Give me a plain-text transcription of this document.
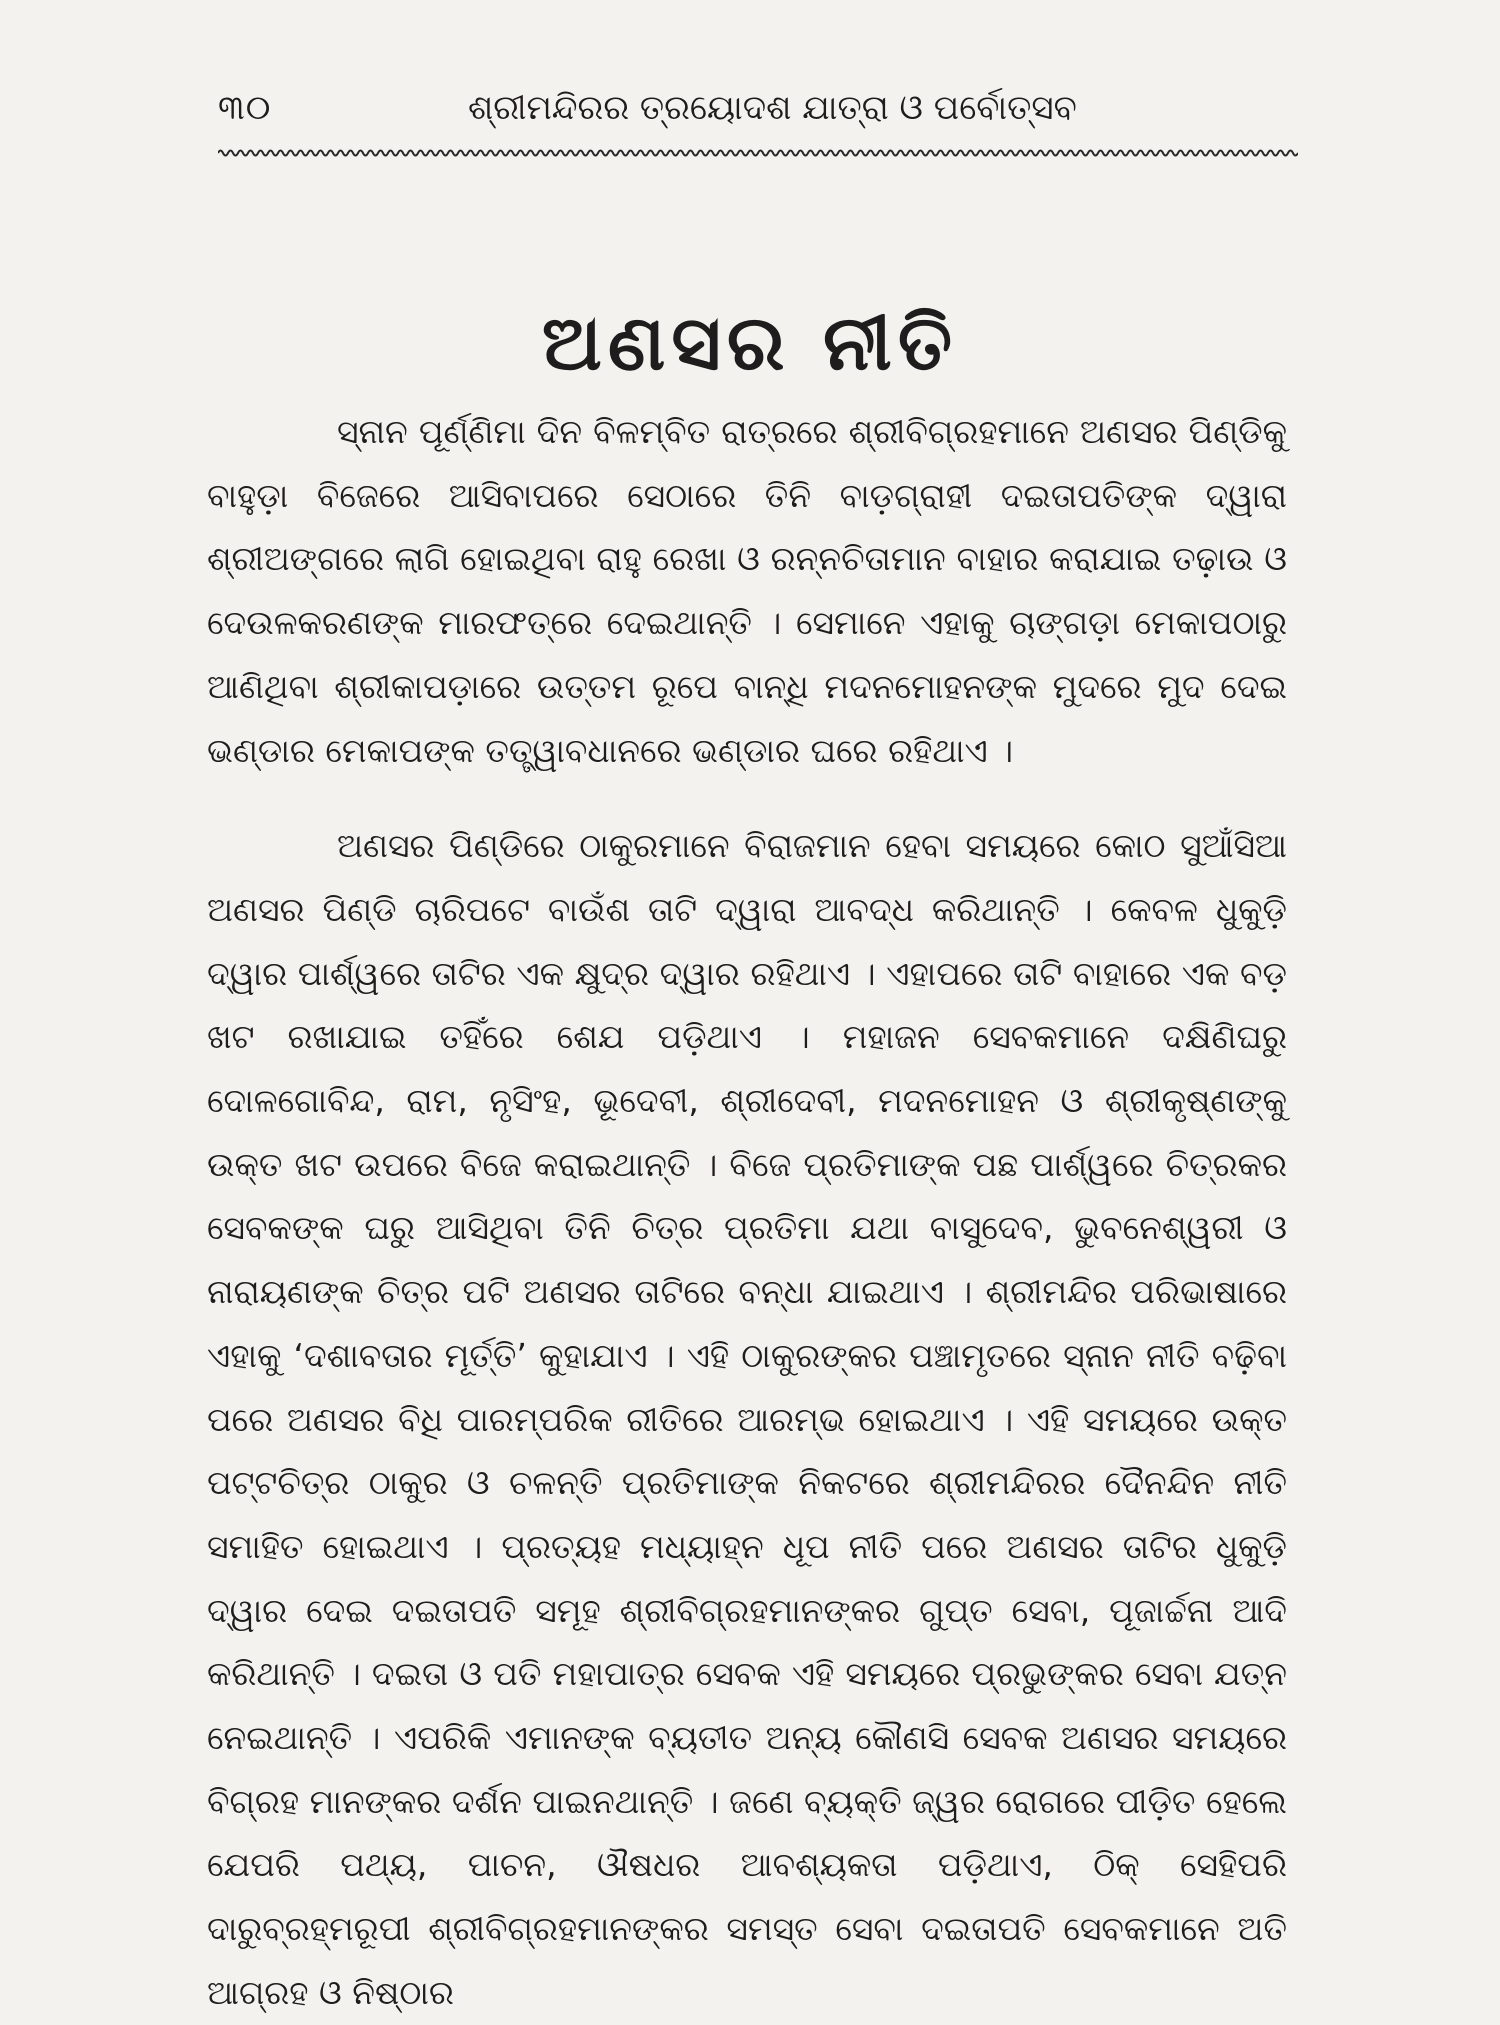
୩୦	ଶ୍ରୀମନ୍ଦିରର ତ୍ରୟୋଦଶ ଯାତ୍ରା ଓ ପର୍ବୋତ୍ସବ
ଅଣସର ନୀତି

ସ୍ନାନ ପୂର୍ଣ୍ଣିମା ଦିନ ବିଳମ୍ବିତ ରାତ୍ରରେ ଶ୍ରୀବିଗ୍ରହମାନେ ଅଣସର ପିଣ୍ଡିକୁ ବାହୁଡ଼ା ବିଜେରେ ଆସିବାପରେ ସେଠାରେ ତିନି ବାଡ଼ଗ୍ରାହୀ ଦଇତାପତିଙ୍କ ଦ୍ୱାରା ଶ୍ରୀଅଙ୍ଗରେ ଲାଗି ହୋଇଥିବା ରାହୁ ରେଖା ଓ ରନ୍ନଚିତାମାନ ବାହାର କରାଯାଇ ତଢ଼ାଉ ଓ ଦେଉଳକରଣଙ୍କ ମାରଫତ୍‌ରେ ଦେଇଥାନ୍ତି । ସେମାନେ ଏହାକୁ ଚାଙ୍ଗଡ଼ା ମେକାପଠାରୁ ଆଣିଥିବା ଶ୍ରୀକାପଡ଼ାରେ ଉତ୍ତମ ରୂପେ ବାନ୍ଧି ମଦନମୋହନଙ୍କ ମୁଦରେ ମୁଦ ଦେଇ ଭଣ୍ଡାର ମେକାପଙ୍କ ତତ୍ତ୍ୱାବଧାନରେ ଭଣ୍ଡାର ଘରେ ରହିଥାଏ ।

ଅଣସର ପିଣ୍ଡିରେ ଠାକୁରମାନେ ବିରାଜମାନ ହେବା ସମୟରେ କୋଠ ସୁଆଁସିଆ ଅଣସର ପିଣ୍ଡି ଚାରିପଟେ ବାଉଁଶ ତାଟି ଦ୍ୱାରା ଆବଦ୍ଧ କରିଥାନ୍ତି । କେବଳ ଧୁକୁଡ଼ି ଦ୍ୱାର ପାର୍ଶ୍ୱରେ ତାଟିର ଏକ କ୍ଷୁଦ୍ର ଦ୍ୱାର ରହିଥାଏ । ଏହାପରେ ତାଟି ବାହାରେ ଏକ ବଡ଼ ଖଟ ରଖାଯାଇ ତହିଁରେ ଶେଯ ପଡ଼ିଥାଏ । ମହାଜନ ସେବକମାନେ ଦକ୍ଷିଣିଘରୁ ଦୋଳଗୋବିନ୍ଦ, ରାମ, ନୃସିଂହ, ଭୂଦେବୀ, ଶ୍ରୀଦେବୀ, ମଦନମୋହନ ଓ ଶ୍ରୀକୃଷ୍ଣଙ୍କୁ ଉକ୍ତ ଖଟ ଉପରେ ବିଜେ କରାଇଥାନ୍ତି । ବିଜେ ପ୍ରତିମାଙ୍କ ପଛ ପାର୍ଶ୍ୱରେ ଚିତ୍ରକର ସେବକଙ୍କ ଘରୁ ଆସିଥିବା ତିନି ଚିତ୍ର ପ୍ରତିମା ଯଥା ବାସୁଦେବ, ଭୁବନେଶ୍ୱରୀ ଓ ନାରାୟଣଙ୍କ ଚିତ୍ର ପଟି ଅଣସର ତାଟିରେ ବନ୍ଧା ଯାଇଥାଏ । ଶ୍ରୀମନ୍ଦିର ପରିଭାଷାରେ ଏହାକୁ ‘ଦଶାବତାର ମୂର୍ତ୍ତି’ କୁହାଯାଏ । ଏହି ଠାକୁରଙ୍କର ପଞ୍ଚାମୃତରେ ସ୍ନାନ ନୀତି ବଢ଼ିବା ପରେ ଅଣସର ବିଧି ପାରମ୍ପରିକ ରୀତିରେ ଆରମ୍ଭ ହୋଇଥାଏ । ଏହି ସମୟରେ ଉକ୍ତ ପଟ୍ଟଚିତ୍ର ଠାକୁର ଓ ଚଳନ୍ତି ପ୍ରତିମାଙ୍କ ନିକଟରେ ଶ୍ରୀମନ୍ଦିରର ଦୈନନ୍ଦିନ ନୀତି ସମାହିତ ହୋଇଥାଏ । ପ୍ରତ୍ୟହ ମଧ୍ୟାହ୍ନ ଧୂପ ନୀତି ପରେ ଅଣସର ତାଟିର ଧୁକୁଡ଼ି ଦ୍ୱାର ଦେଇ ଦଇତାପତି ସମୂହ ଶ୍ରୀବିଗ୍ରହମାନଙ୍କର ଗୁପ୍ତ ସେବା, ପୂଜାର୍ଚ୍ଚନା ଆଦି କରିଥାନ୍ତି । ଦଇତା ଓ ପତି ମହାପାତ୍ର ସେବକ ଏହି ସମୟରେ ପ୍ରଭୁଙ୍କର ସେବା ଯତ୍ନ ନେଇଥାନ୍ତି । ଏପରିକି ଏମାନଙ୍କ ବ୍ୟତୀତ ଅନ୍ୟ କୌଣସି ସେବକ ଅଣସର ସମୟରେ ବିଗ୍ରହ ମାନଙ୍କର ଦର୍ଶନ ପାଇନଥାନ୍ତି । ଜଣେ ବ୍ୟକ୍ତି ଜ୍ୱର ରୋଗରେ ପୀଡ଼ିତ ହେଲେ ଯେପରି ପଥ୍ୟ, ପାଚନ, ଔଷଧର ଆବଶ୍ୟକତା ପଡ଼ିଥାଏ, ଠିକ୍ ସେହିପରି ଦାରୁବ୍ରହ୍ମରୂପୀ ଶ୍ରୀବିଗ୍ରହମାନଙ୍କର ସମସ୍ତ ସେବା ଦଇତାପତି ସେବକମାନେ ଅତି ଆଗ୍ରହ ଓ ନିଷ୍ଠାର
